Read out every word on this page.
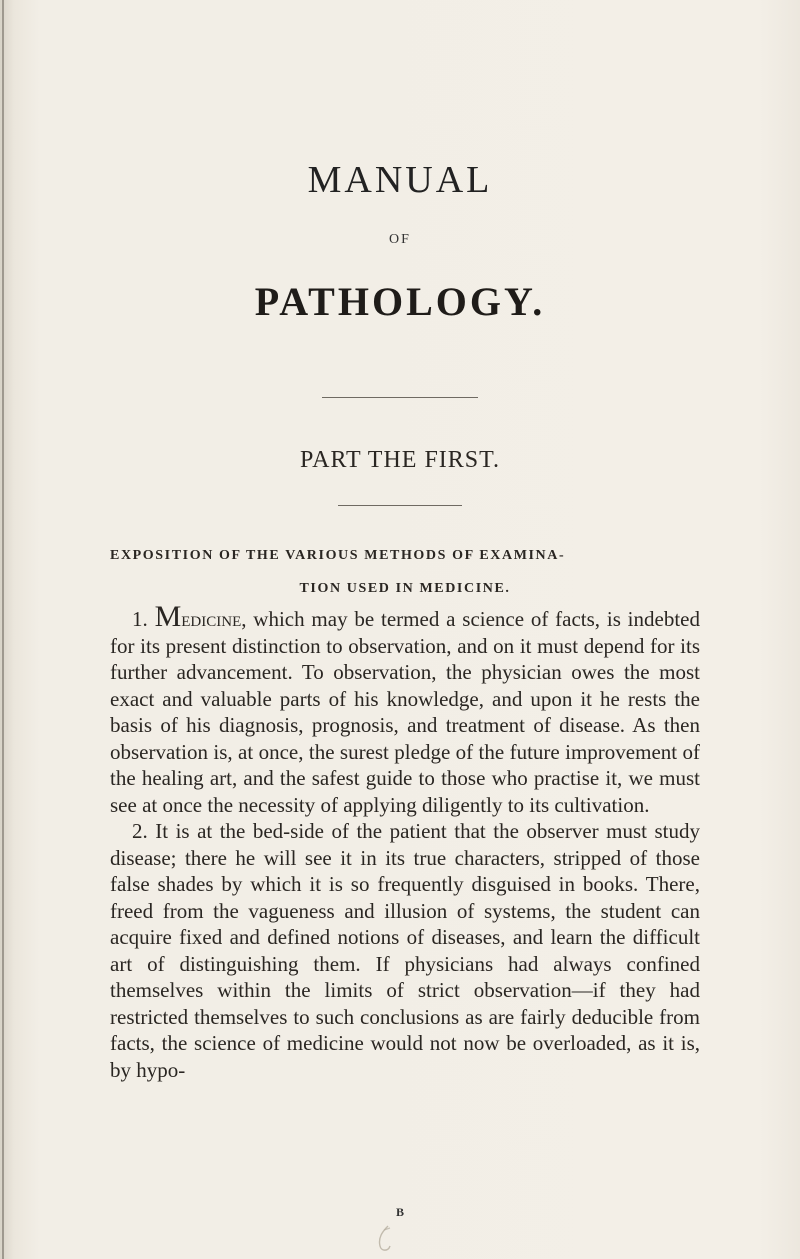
MANUAL
OF
PATHOLOGY.
PART THE FIRST.
EXPOSITION OF THE VARIOUS METHODS OF EXAMINA-
TION USED IN MEDICINE.

1. Medicine, which may be termed a science of facts, is indebted for its present distinction to observation, and on it must depend for its further advancement. To observation, the physician owes the most exact and valuable parts of his knowledge, and upon it he rests the basis of his diagnosis, prognosis, and treatment of disease. As then observation is, at once, the surest pledge of the future improvement of the healing art, and the safest guide to those who practise it, we must see at once the necessity of applying diligently to its cultivation.

2. It is at the bed-side of the patient that the observer must study disease; there he will see it in its true characters, stripped of those false shades by which it is so frequently disguised in books. There, freed from the vagueness and illusion of systems, the student can acquire fixed and defined notions of diseases, and learn the difficult art of distinguishing them. If physicians had always confined themselves within the limits of strict observation—if they had restricted themselves to such conclusions as are fairly deducible from facts, the science of medicine would not now be overloaded, as it is, by hypo-

B
